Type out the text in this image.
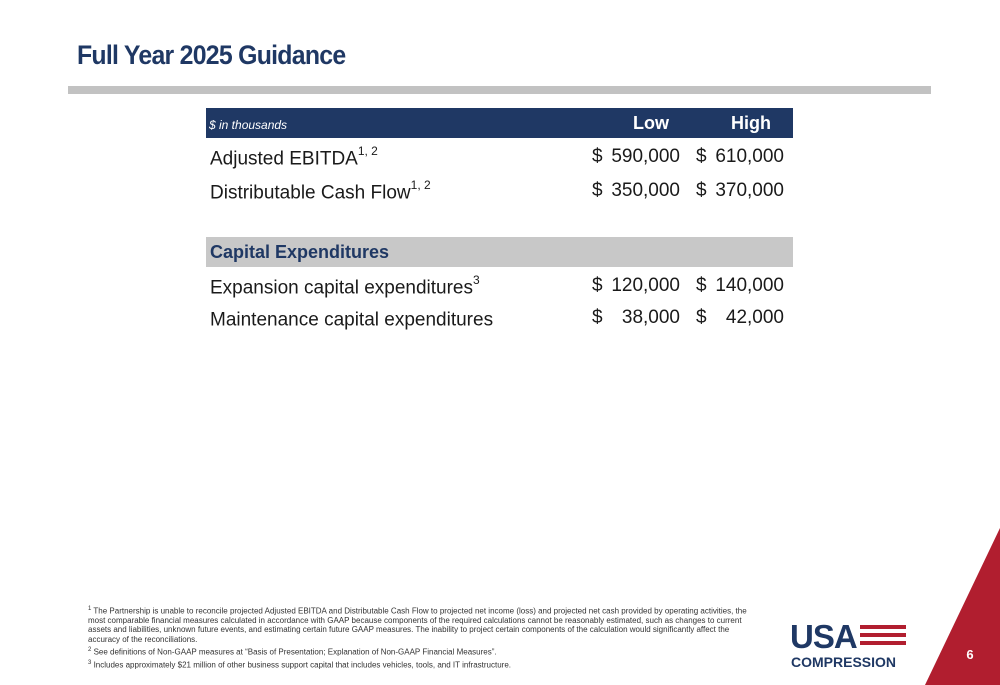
Full Year 2025 Guidance
$ in thousands	Low	High
Adjusted EBITDA$^{1, 2}$	$ 590,000 $ 610,000
Distributable Cash Flow$^{1, 2}$	$ 350,000 $ 370,000
Capital Expenditures
Expansion capital expenditures$^3$	$ 120,000 $ 140,000
Maintenance capital expenditures	$	38,000 $	42,000

$^1$ The Partnership is unable to reconcile projected Adjusted EBITDA and Distributable Cash Flow to projected net income (loss) and projected net cash provided by operating activities, the most comparable financial measures calculated in accordance with GAAP because components of the required calculations cannot be reasonably estimated, such as changes to current assets and liabilities, unknown future events, and estimating certain future GAAP measures. The inability to project certain components of the calculation would significantly affect the accuracy of the reconciliations.

$^2$ See definitions of Non-GAAP measures at “Basis of Presentation; Explanation of Non-GAAP Financial Measures”.

$^3$ Includes approximately $21 million of other business support capital that includes vehicles, tools, and IT infrastructure.

USA
COMPRESSION	6
